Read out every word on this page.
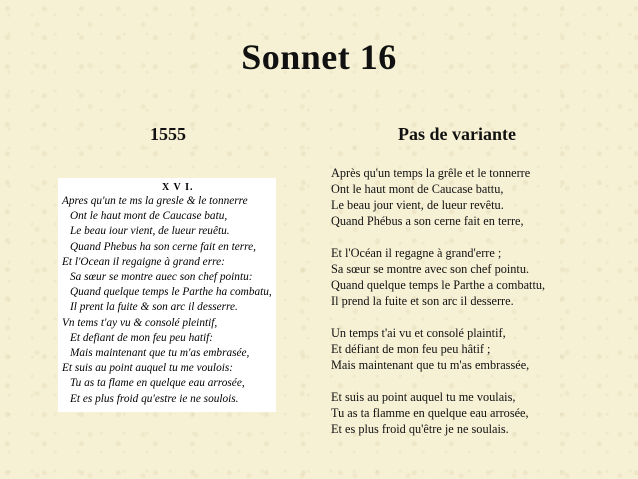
Sonnet 16
1555	Pas de variante
X V I.
Apres qu'un te ms la gresle & le tonnerre
Ont le haut mont de Caucase batu,
Le beau iour vient, de lueur reuêtu.
Quand Phebus ha son cerne fait en terre,
Et l'Ocean il regaigne à grand erre:
Sa sœur se montre auec son chef pointu:
Quand quelque temps le Parthe ha combatu,
Il prent la fuite & son arc il desserre.
Vn tems t'ay vu & consolé pleintif,
Et defiant de mon feu peu hatif:
Mais maintenant que tu m'as embrasée,
Et suis au point auquel tu me voulois:
Tu as ta flame en quelque eau arrosée,
Et es plus froid qu'estre ie ne soulois.
Après qu'un temps la grêle et le tonnerre
Ont le haut mont de Caucase battu,
Le beau jour vient, de lueur revêtu.
Quand Phébus a son cerne fait en terre,
Et l'Océan il regagne à grand'erre ;
Sa sœur se montre avec son chef pointu.
Quand quelque temps le Parthe a combattu,
Il prend la fuite et son arc il desserre.
Un temps t'ai vu et consolé plaintif,
Et défiant de mon feu peu hâtif ;
Mais maintenant que tu m'as embrassée,
Et suis au point auquel tu me voulais,
Tu as ta flamme en quelque eau arrosée,
Et es plus froid qu'être je ne soulais.
